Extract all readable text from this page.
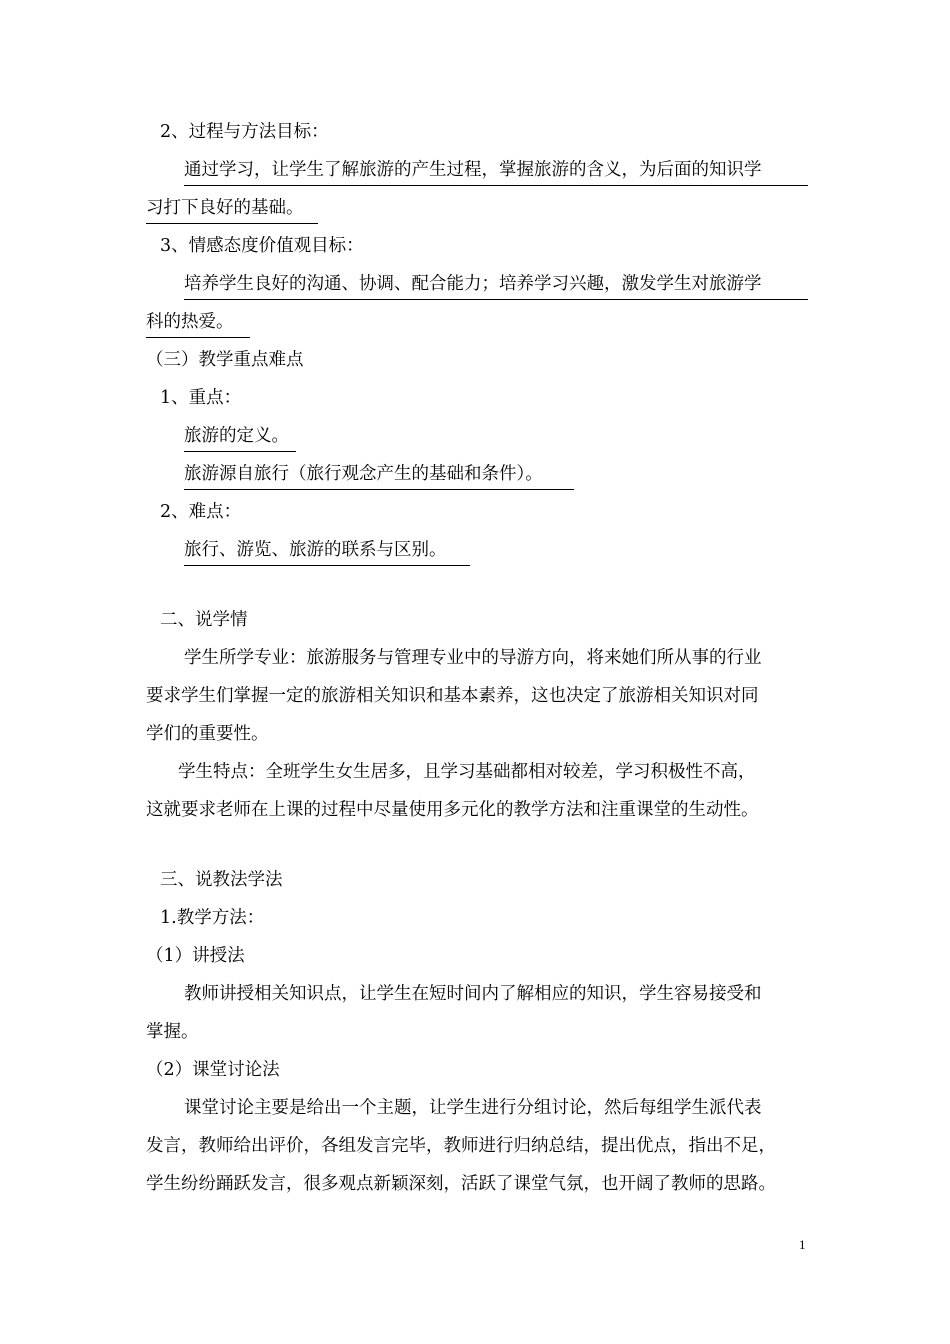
2、过程与方法目标：
通过学习，让学生了解旅游的产生过程，掌握旅游的含义，为后面的知识学
习打下良好的基础。
3、情感态度价值观目标：
培养学生良好的沟通、协调、配合能力；培养学习兴趣，激发学生对旅游学
科的热爱。
（三）教学重点难点
1、重点：
旅游的定义。
旅游源自旅行（旅行观念产生的基础和条件）。
2、难点：
旅行、游览、旅游的联系与区别。
二、说学情
学生所学专业：旅游服务与管理专业中的导游方向，将来她们所从事的行业
要求学生们掌握一定的旅游相关知识和基本素养，这也决定了旅游相关知识对同
学们的重要性。
学生特点：全班学生女生居多，且学习基础都相对较差，学习积极性不高，
这就要求老师在上课的过程中尽量使用多元化的教学方法和注重课堂的生动性。
三、说教法学法
1.教学方法：
（1）讲授法
教师讲授相关知识点，让学生在短时间内了解相应的知识，学生容易接受和
掌握。
（2）课堂讨论法
课堂讨论主要是给出一个主题，让学生进行分组讨论，然后每组学生派代表
发言，教师给出评价，各组发言完毕，教师进行归纳总结，提出优点，指出不足，
学生纷纷踊跃发言，很多观点新颖深刻，活跃了课堂气氛，也开阔了教师的思路。
1
